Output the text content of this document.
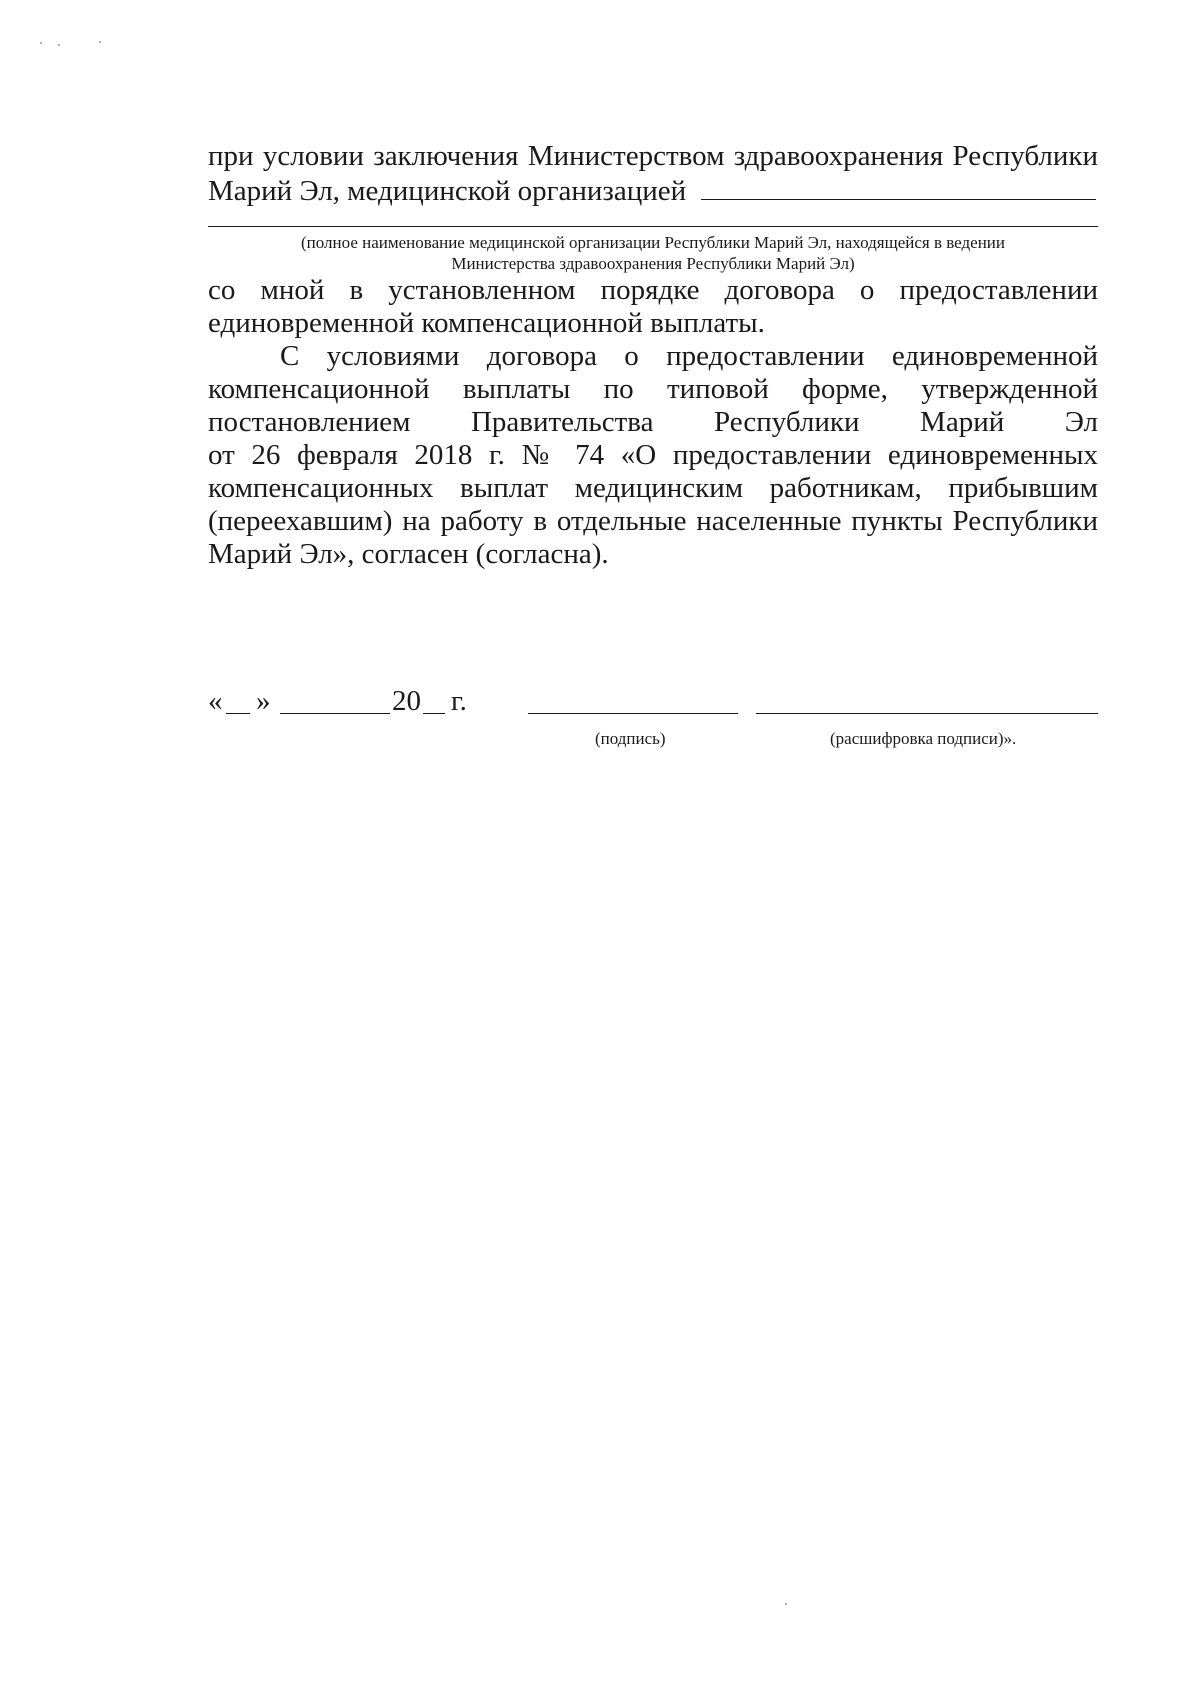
при условии заключения Министерством здравоохранения Республики
Марий Эл, медицинской организацией
(полное наименование медицинской организации Республики Марий Эл, находящейся в ведении
Министерства здравоохранения Республики Марий Эл)
со мной в установленном порядке договора о предоставлении
единовременной компенсационной выплаты.
С условиями договора о предоставлении единовременной
компенсационной выплаты по типовой форме, утвержденной
постановлением Правительства Республики Марий Эл
от 26 февраля 2018 г. № 74 «О предоставлении единовременных
компенсационных выплат медицинским работникам, прибывшим
(переехавшим) на работу в отдельные населенные пункты Республики
Марий Эл», согласен (согласна).
« »	20 г.
(подпись)	(расшифровка подписи)».
